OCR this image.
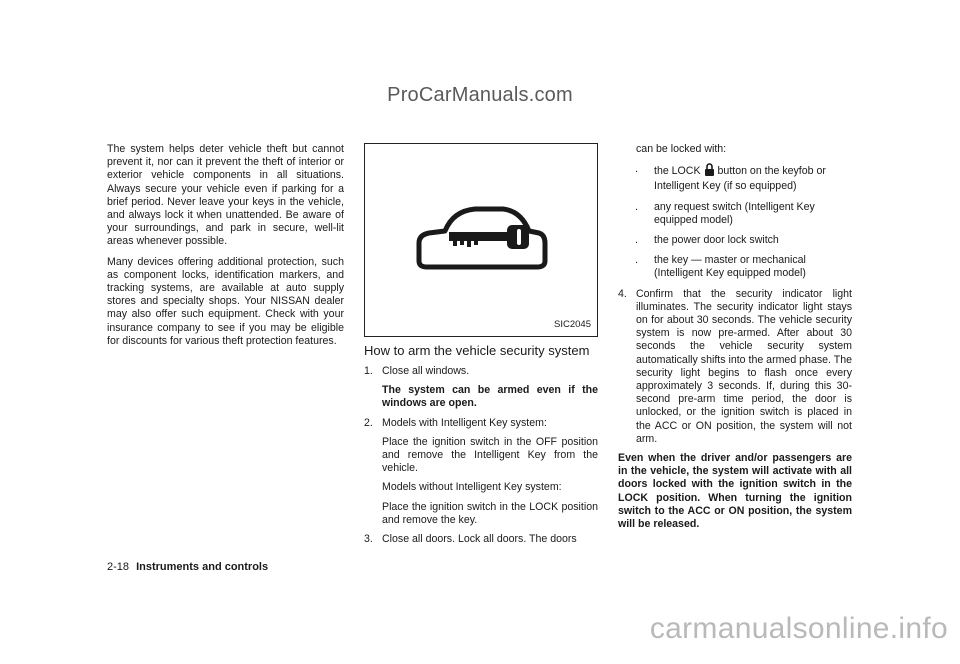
ProCarManuals.com

The system helps deter vehicle theft but cannot prevent it, nor can it prevent the theft of interior or exterior vehicle components in all situations. Always secure your vehicle even if parking for a brief period. Never leave your keys in the vehicle, and always lock it when unattended. Be aware of your surroundings, and park in secure, well-lit areas whenever possible.

Many devices offering additional protection, such as component locks, identification markers, and tracking systems, are available at auto supply stores and specialty shops. Your NISSAN dealer may also offer such equipment. Check with your insurance company to see if you may be eligible for discounts for various theft protection features.

SIC2045
How to arm the vehicle security system
1. Close all windows.

The system can be armed even if the windows are open.

2. Models with Intelligent Key system:

Place the ignition switch in the OFF position and remove the Intelligent Key from the vehicle.

Models without Intelligent Key system:

Place the ignition switch in the LOCK position and remove the key.

3. Close all doors. Lock all doors. The doors

can be locked with:
. the LOCK button on the keyfob or Intelligent Key (if so equipped)
. any request switch (Intelligent Key equipped model)
. the power door lock switch
. the key — master or mechanical (Intelligent Key equipped model)
4. Confirm that the security indicator light illuminates. The security indicator light stays on for about 30 seconds. The vehicle security system is now pre-armed. After about 30 seconds the vehicle security system automatically shifts into the armed phase. The security light begins to flash once every approximately 3 seconds. If, during this 30-second pre-arm time period, the door is unlocked, or the ignition switch is placed in the ACC or ON position, the system will not arm.

Even when the driver and/or passengers are in the vehicle, the system will activate with all doors locked with the ignition switch in the LOCK position. When turning the ignition switch to the ACC or ON position, the system will be released.

2-18 Instruments and controls
carmanualsonline.info
